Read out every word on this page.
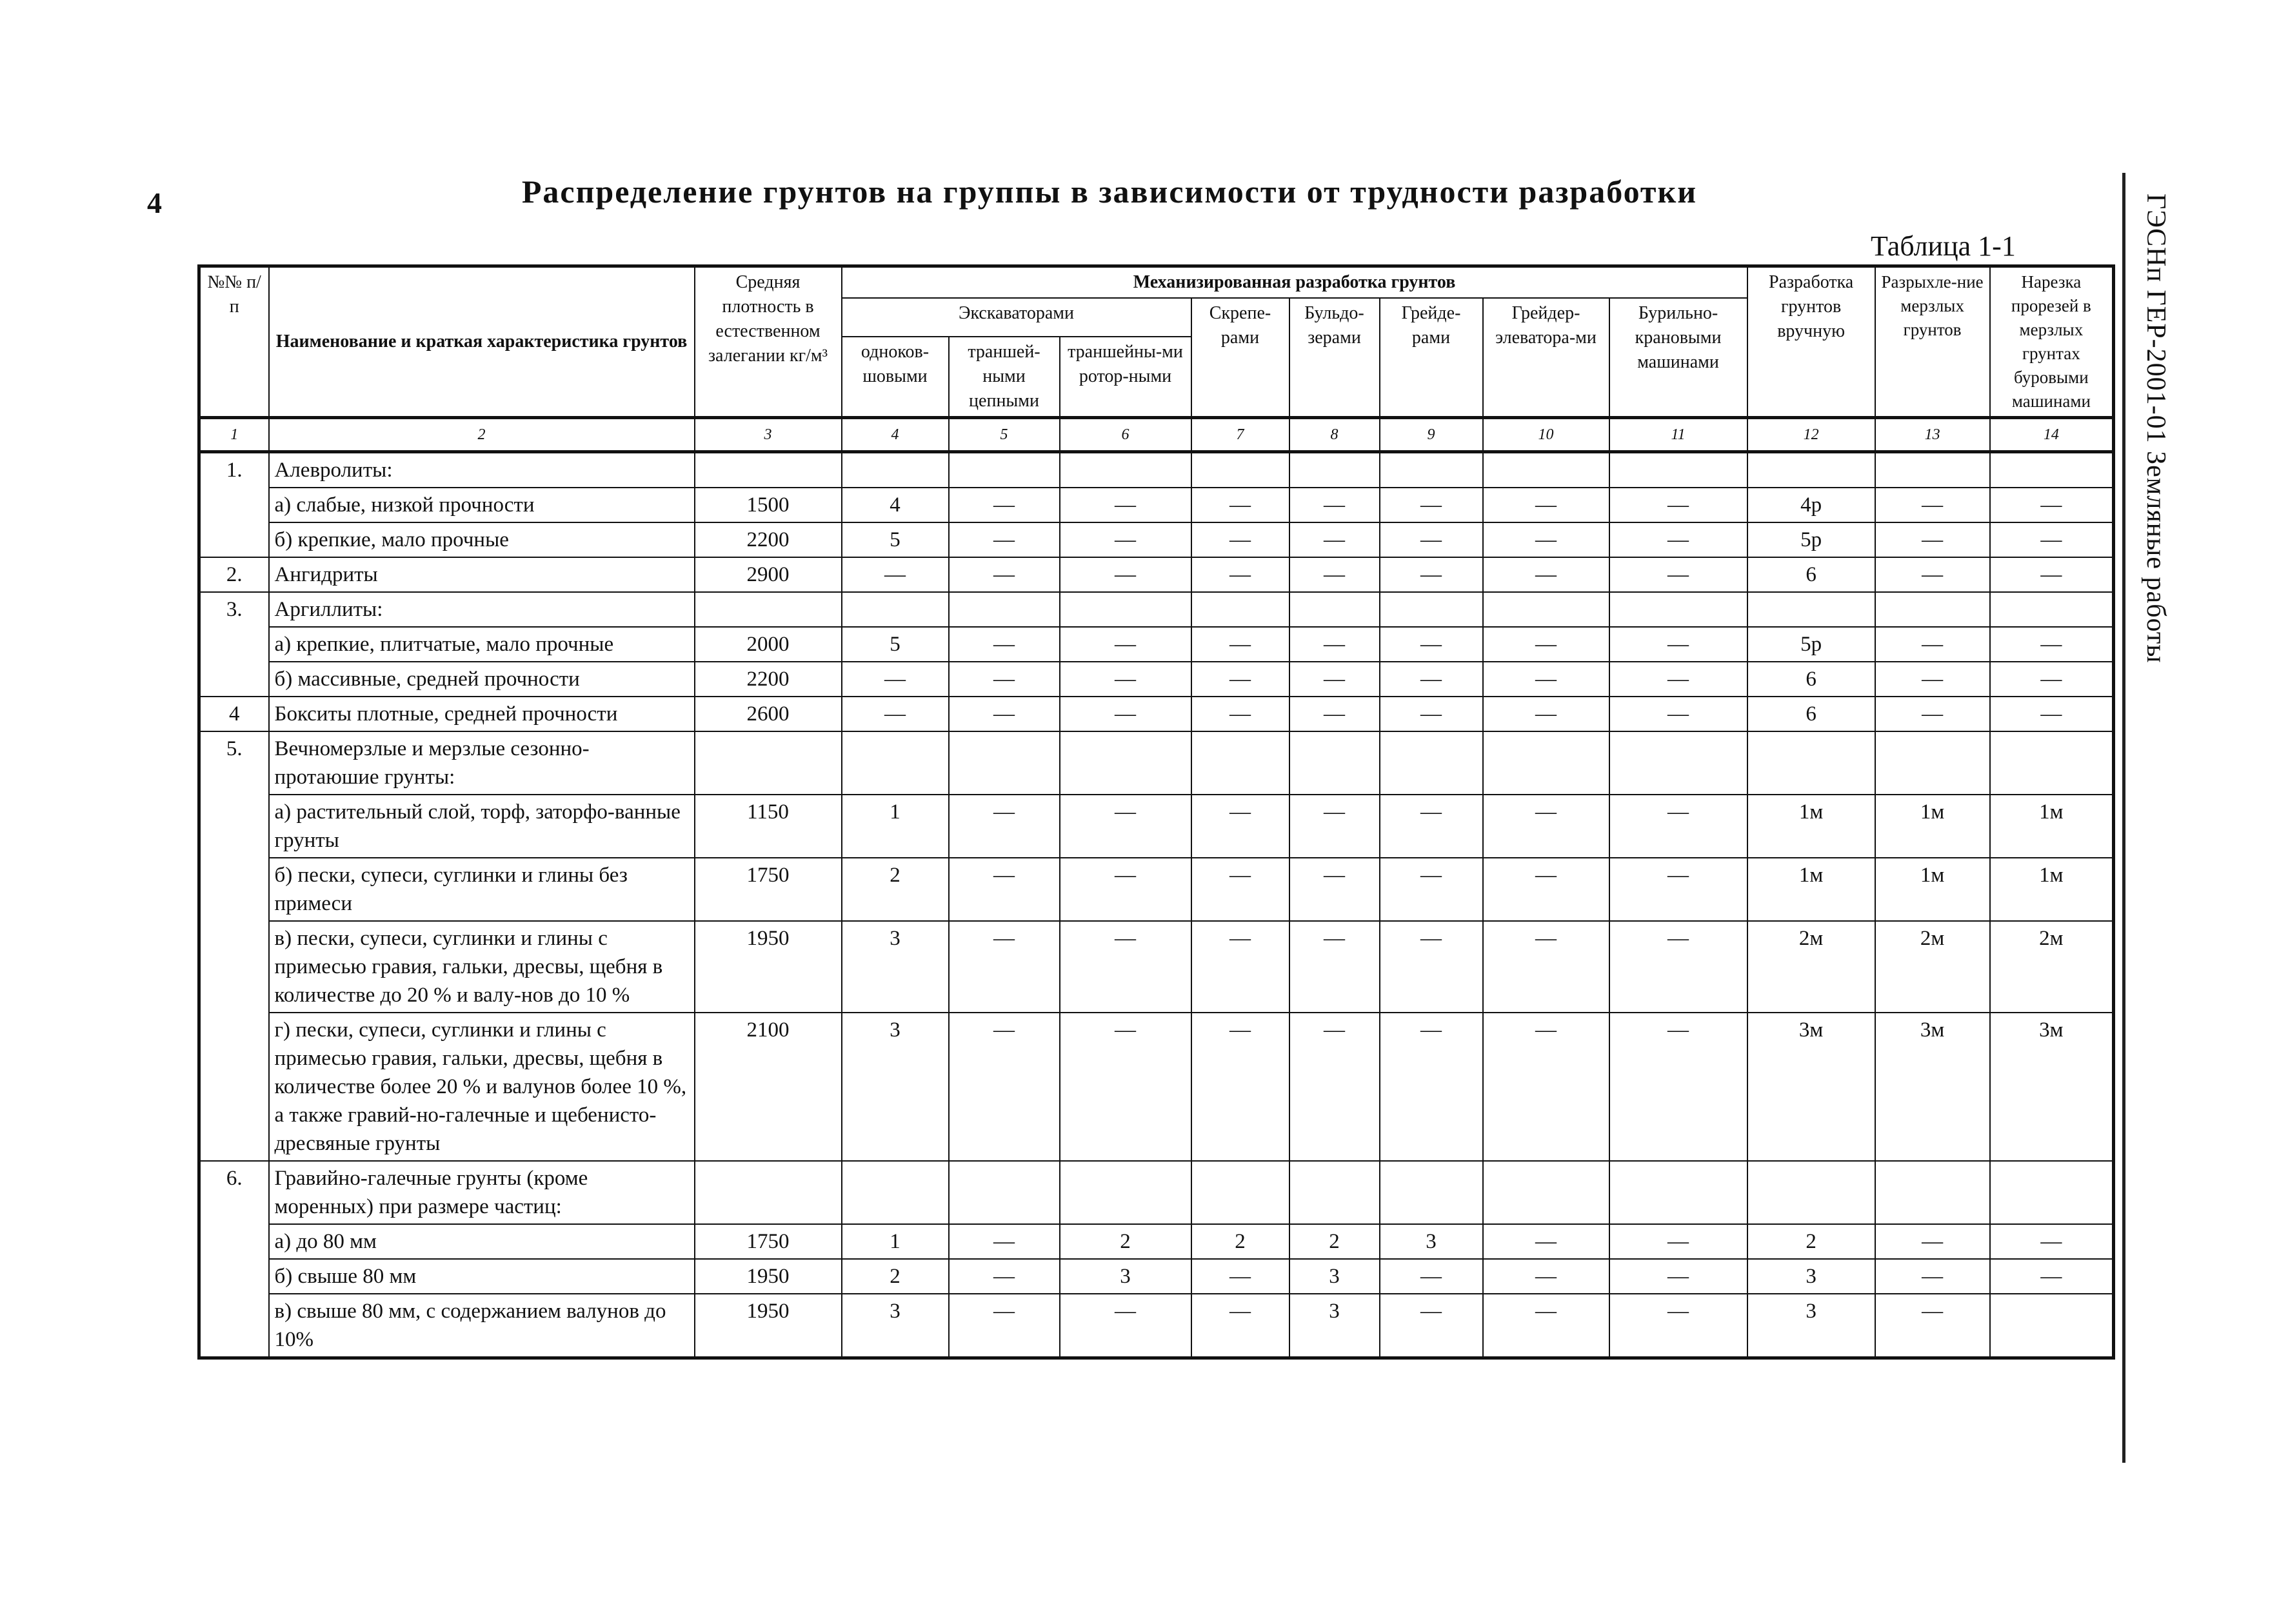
4	Распределение грунтов на группы в зависимости от трудности разработки
Таблица 1-1	ГЭСНп ГЕР-2001-01 Земляные работы
№№ п/п	Наименование и краткая характеристика грунтов	Средняя плотность в естественном залегании кг/м³	Механизированная разработка грунтов								Разработка грунтов вручную	Разрыхле-ние мерзлых грунтов	Нарезка прорезей в мерзлых грунтах буровыми машинами
			Экскаваторами			Скрепе-рами	Бульдо-зерами	Грейде-рами	Грейдер-элеватора-ми	Бурильно-крановыми машинами			
			одноков-шовыми	траншей-ными цепными	траншейны-ми ротор-ными								
1	2	3	4	5	6	7	8	9	10	11	12	13	14
1.	Алевролиты:												
	а) слабые, низкой прочности	1500	4	—	—	—	—	—	—	—	4р	—	—
	б) крепкие, мало прочные	2200	5	—	—	—	—	—	—	—	5р	—	—
2.	Ангидриты	2900	—	—	—	—	—	—	—	—	6	—	—
3.	Аргиллиты:												
	а) крепкие, плитчатые, мало прочные	2000	5	—	—	—	—	—	—	—	5р	—	—
	б) массивные, средней прочности	2200	—	—	—	—	—	—	—	—	6	—	—
4	Бокситы плотные, средней прочности	2600	—	—	—	—	—	—	—	—	6	—	—
5.	Вечномерзлые и мерзлые сезонно-протаюшие грунты:												
	а) растительный слой, торф, заторфо-ванные грунты	1150	1	—	—	—	—	—	—	—	1м	1м	1м
	б) пески, супеси, суглинки и глины без примеси	1750	2	—	—	—	—	—	—	—	1м	1м	1м
	в) пески, супеси, суглинки и глины с примесью гравия, гальки, дресвы, щебня в количестве до 20 % и валу-нов до 10 %	1950	3	—	—	—	—	—	—	—	2м	2м	2м
	г) пески, супеси, суглинки и глины с примесью гравия, гальки, дресвы, щебня в количестве более 20 % и валунов более 10 %, а также гравий-но-галечные и щебенисто-дресвяные грунты	2100	3	—	—	—	—	—	—	—	3м	3м	3м
6.	Гравийно-галечные грунты (кроме моренных) при размере частиц:												
	а) до 80 мм	1750	1	—	2	2	2	3	—	—	2	—	—
	б) свыше 80 мм	1950	2	—	3	—	3	—	—	—	3	—	—
	в) свыше 80 мм, с содержанием валунов до 10%	1950	3	—	—	—	3	—	—	—	3	—	
